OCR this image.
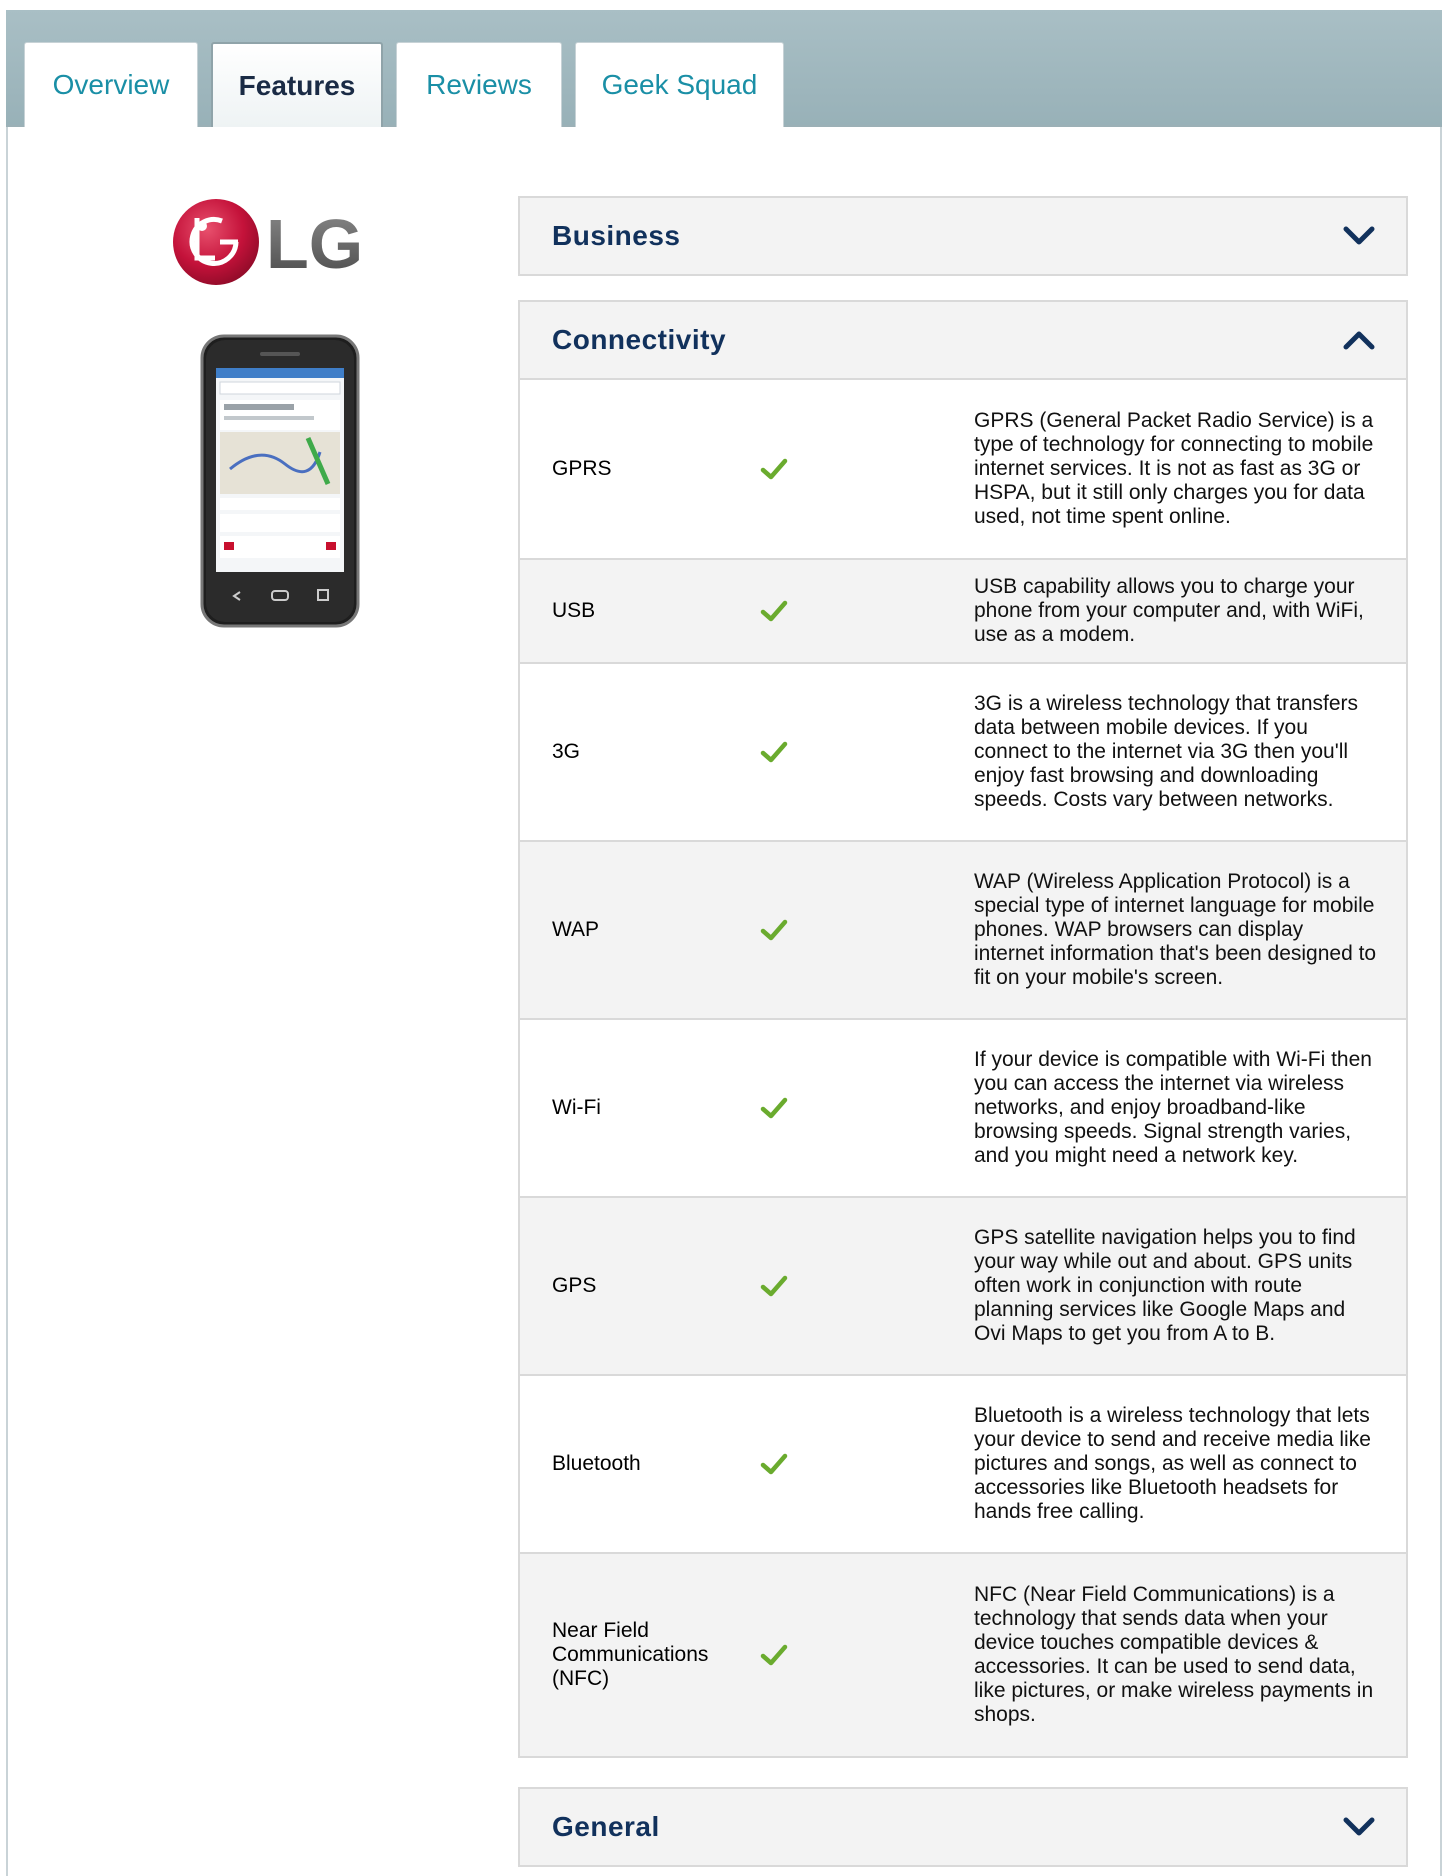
Overview	Features	Reviews	Geek Squad
LG	Business
Connectivity
GPRS
GPRS (General Packet Radio Service) is a type of technology for connecting to mobile internet services. It is not as fast as 3G or HSPA, but it still only charges you for data used, not time spent online.
USB
USB capability allows you to charge your phone from your computer and, with WiFi, use as a modem.
3G
3G is a wireless technology that transfers data between mobile devices. If you connect to the internet via 3G then you'll enjoy fast browsing and downloading speeds. Costs vary between networks.
WAP
WAP (Wireless Application Protocol) is a special type of internet language for mobile phones. WAP browsers can display internet information that's been designed to fit on your mobile's screen.
Wi-Fi
If your device is compatible with Wi-Fi then you can access the internet via wireless networks, and enjoy broadband-like browsing speeds. Signal strength varies, and you might need a network key.
GPS
GPS satellite navigation helps you to find your way while out and about. GPS units often work in conjunction with route planning services like Google Maps and Ovi Maps to get you from A to B.
Bluetooth
Bluetooth is a wireless technology that lets your device to send and receive media like pictures and songs, as well as connect to accessories like Bluetooth headsets for hands free calling.
Near Field Communications (NFC)
NFC (Near Field Communications) is a technology that sends data when your device touches compatible devices & accessories. It can be used to send data, like pictures, or make wireless payments in shops.
General
